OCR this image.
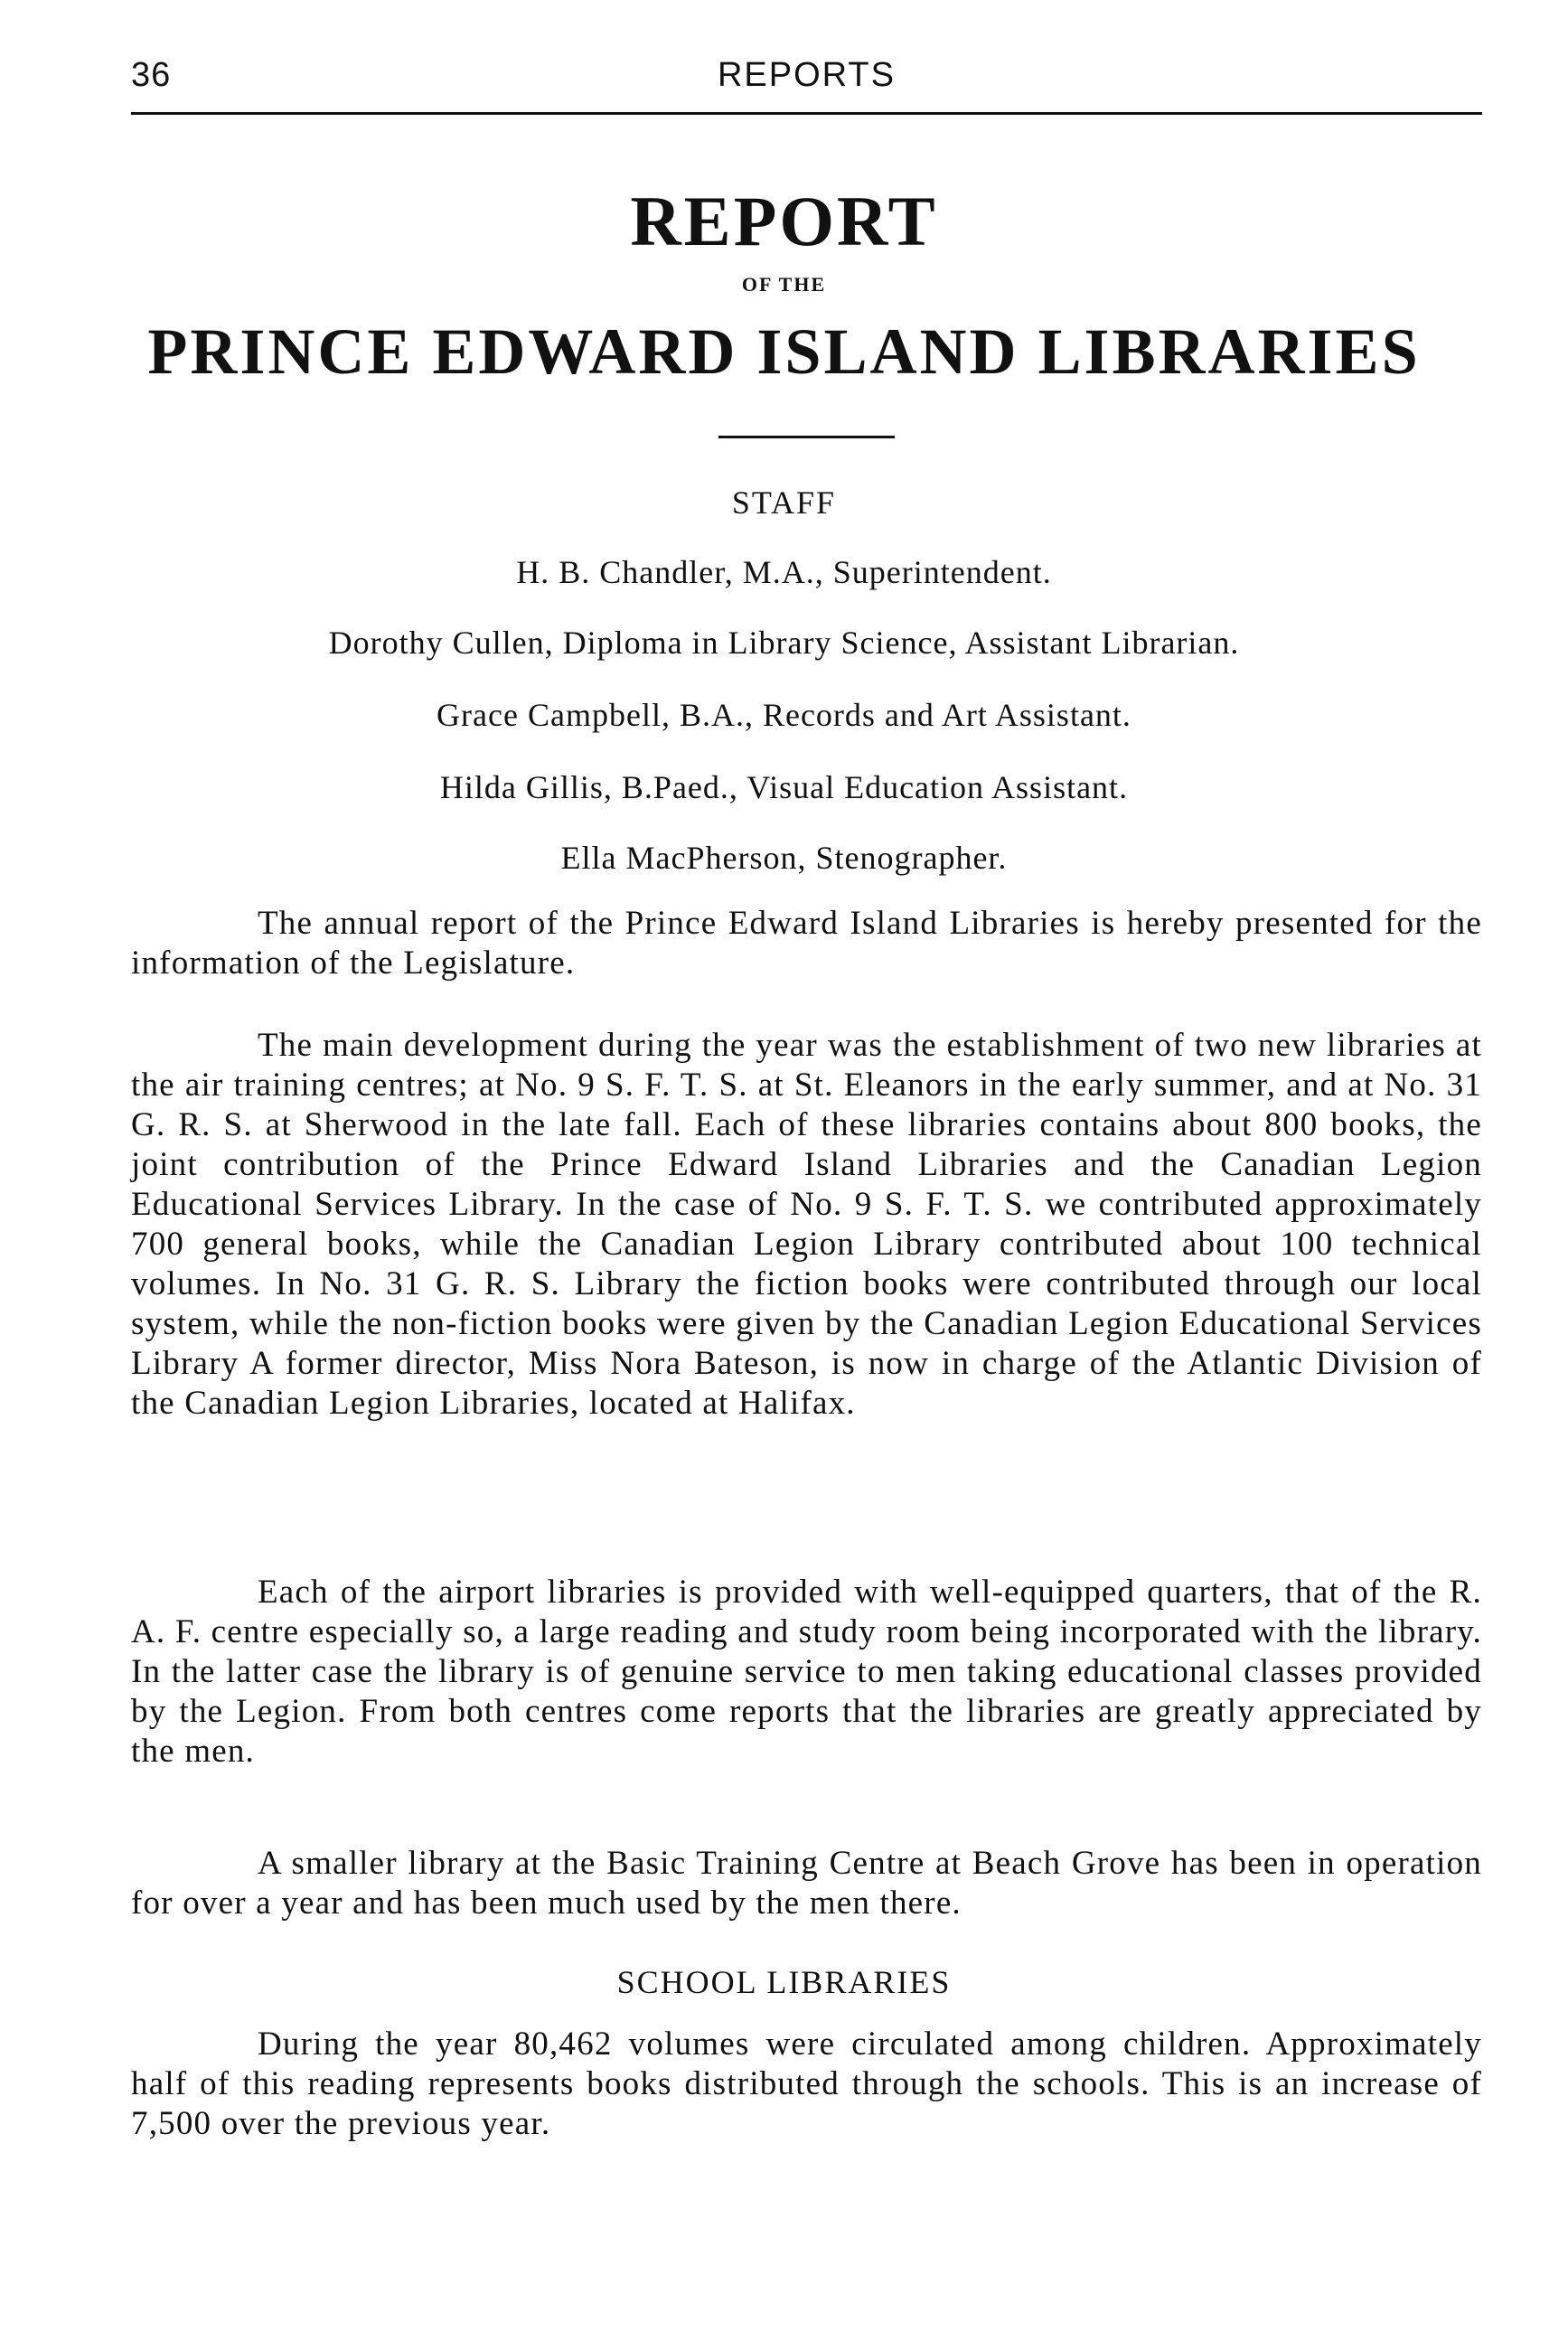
36	REPORTS
REPORT
OF THE
PRINCE EDWARD ISLAND LIBRARIES
STAFF
H. B. Chandler, M.A., Superintendent.
Dorothy Cullen, Diploma in Library Science, Assistant Librarian.
Grace Campbell, B.A., Records and Art Assistant.
Hilda Gillis, B.Paed., Visual Education Assistant.
Ella MacPherson, Stenographer.

The annual report of the Prince Edward Island Libraries is hereby presented for the information of the Legislature.

The main development during the year was the establishment of two new libraries at the air training centres; at No. 9 S. F. T. S. at St. Eleanors in the early summer, and at No. 31 G. R. S. at Sherwood in the late fall. Each of these libraries contains about 800 books, the joint contribution of the Prince Edward Island Libraries and the Canadian Legion Educational Services Library. In the case of No. 9 S. F. T. S. we contributed approximately 700 general books, while the Canadian Legion Library contributed about 100 technical volumes. In No. 31 G. R. S. Library the fiction books were contributed through our local system, while the non-fiction books were given by the Canadian Legion Educational Services Library A former director, Miss Nora Bateson, is now in charge of the Atlantic Division of the Canadian Legion Libraries, located at Halifax.

Each of the airport libraries is provided with well-equipped quarters, that of the R. A. F. centre especially so, a large reading and study room being incorporated with the library. In the latter case the library is of genuine service to men taking educational classes provided by the Legion. From both centres come reports that the libraries are greatly appreciated by the men.

A smaller library at the Basic Training Centre at Beach Grove has been in operation for over a year and has been much used by the men there.

SCHOOL LIBRARIES

During the year 80,462 volumes were circulated among children. Approximately half of this reading represents books distributed through the schools. This is an increase of 7,500 over the previous year.
